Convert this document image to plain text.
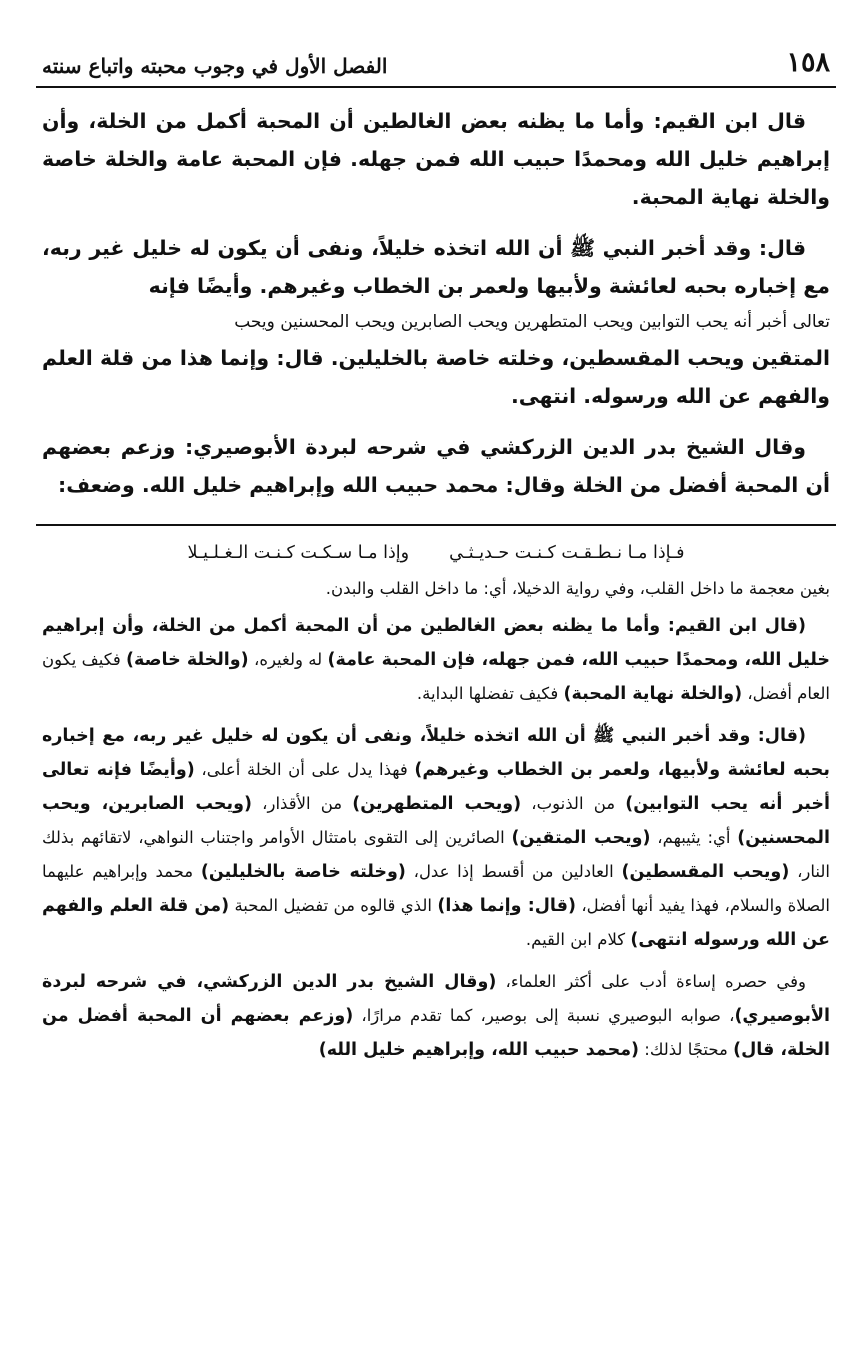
١٥٨
الفصل الأول في وجوب محبته واتباع سنته

قال ابن القيم: وأما ما يظنه بعض الغالطين أن المحبة أكمل من الخلة، وأن إبراهيم خليل الله ومحمدًا حبيب الله فمن جهله. فإن المحبة عامة والخلة خاصة والخلة نهاية المحبة.

قال: وقد أخبر النبي ﷺ أن الله اتخذه خليلاً، ونفى أن يكون له خليل غير ربه، مع إخباره بحبه لعائشة ولأبيها ولعمر بن الخطاب وغيرهم. وأيضًا فإنه

تعالى أخبر أنه يحب التوابين ويحب المتطهرين ويحب الصابرين ويحب المحسنين ويحب

المتقين ويحب المقسطين، وخلته خاصة بالخليلين. قال: وإنما هذا من قلة العلم والفهم عن الله ورسوله. انتهى.

وقال الشيخ بدر الدين الزركشي في شرحه لبردة الأبوصيري: وزعم بعضهم أن المحبة أفضل من الخلة وقال: محمد حبيب الله وإبراهيم خليل الله. وضعف:

فـإذا مـا نـطـقـت كـنـت حـديـثـي
وإذا مـا سـكـت كـنـت الـغـلـيـلا

بغين معجمة ما داخل القلب، وفي رواية الدخيلا، أي: ما داخل القلب والبدن.

(قال ابن القيم: وأما ما يظنه بعض الغالطين من أن المحبة أكمل من الخلة، وأن إبراهيم خليل الله، ومحمدًا حبيب الله، فمن جهله، فإن المحبة عامة) له ولغيره، (والخلة خاصة) فكيف يكون العام أفضل، (والخلة نهاية المحبة) فكيف تفضلها البداية.

(قال: وقد أخبر النبي ﷺ أن الله اتخذه خليلاً، ونفى أن يكون له خليل غير ربه، مع إخباره بحبه لعائشة ولأبيها، ولعمر بن الخطاب وغيرهم) فهذا يدل على أن الخلة أعلى، (وأيضًا فإنه تعالى أخبر أنه يحب التوابين) من الذنوب، (ويحب المتطهرين) من الأقذار، (ويحب الصابرين، ويحب المحسنين) أي: يثيبهم، (ويحب المتقين) الصائرين إلى التقوى بامتثال الأوامر واجتناب النواهي، لاتقائهم بذلك النار، (ويحب المقسطين) العادلين من أقسط إذا عدل، (وخلته خاصة بالخليلين) محمد وإبراهيم عليهما الصلاة والسلام، فهذا يفيد أنها أفضل، (قال: وإنما هذا) الذي قالوه من تفضيل المحبة (من قلة العلم والفهم عن الله ورسوله انتهى) كلام ابن القيم.

وفي حصره إساءة أدب على أكثر العلماء، (وقال الشيخ بدر الدين الزركشي، في شرحه لبردة الأبوصيري)، صوابه البوصيري نسبة إلى بوصير، كما تقدم مرارًا، (وزعم بعضهم أن المحبة أفضل من الخلة، قال) محتجًا لذلك: (محمد حبيب الله، وإبراهيم خليل الله)
